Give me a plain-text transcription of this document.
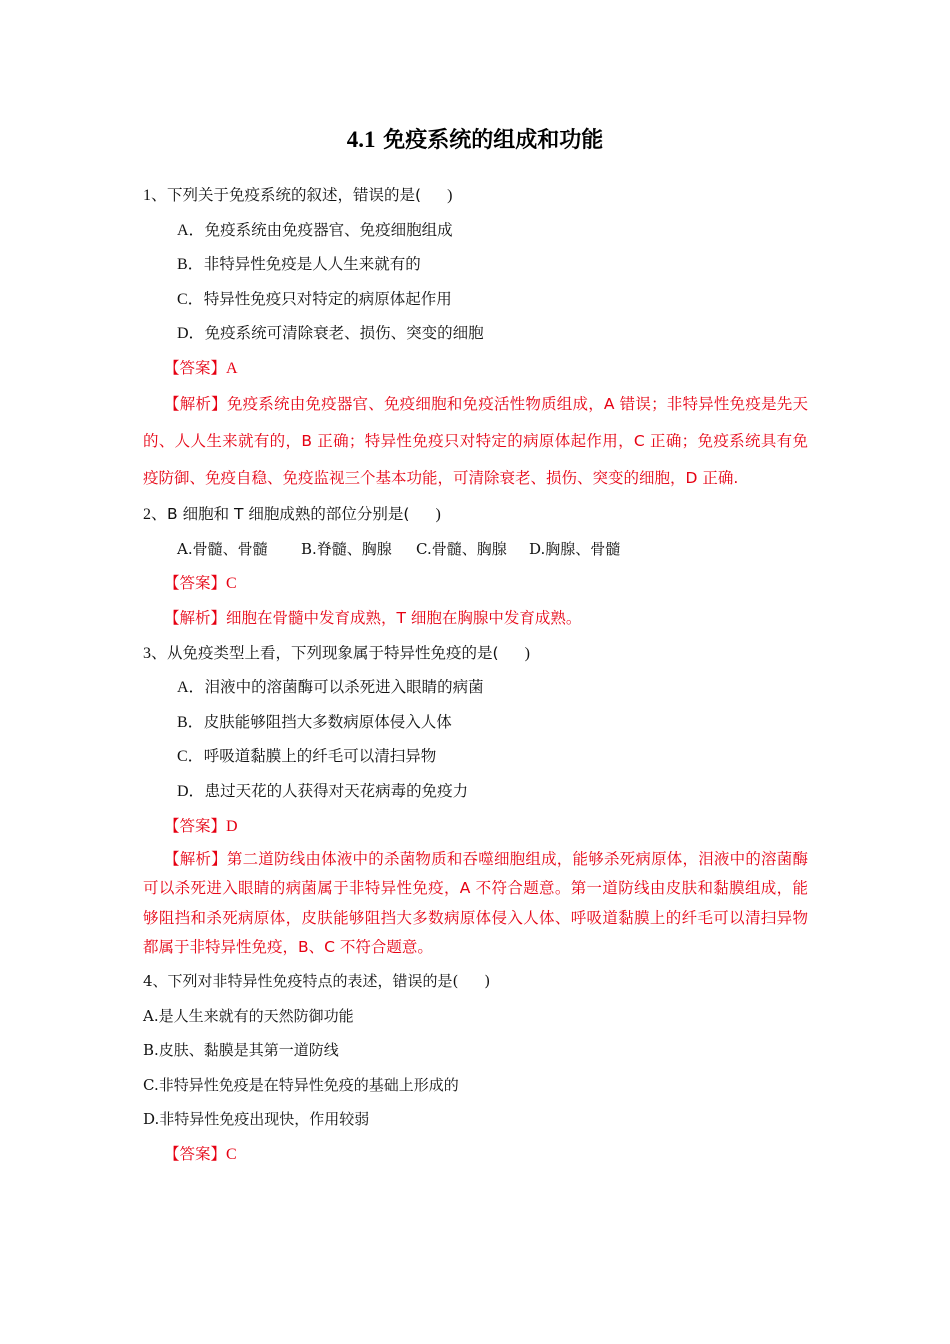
4.1 免疫系统的组成和功能
1、下列关于免疫系统的叙述，错误的是( )
A．免疫系统由免疫器官、免疫细胞组成
B．非特异性免疫是人人生来就有的
C．特异性免疫只对特定的病原体起作用
D．免疫系统可清除衰老、损伤、突变的细胞
【答案】A
【解析】免疫系统由免疫器官、免疫细胞和免疫活性物质组成，A 错误；非特异性免疫是先天的、人人生来就有的，B 正确；特异性免疫只对特定的病原体起作用，C 正确；免疫系统具有免疫防御、免疫自稳、免疫监视三个基本功能，可清除衰老、损伤、突变的细胞，D 正确.
2、B 细胞和 T 细胞成熟的部位分别是( )
A.骨髓、骨髓 B.脊髓、胸腺 C.骨髓、胸腺 D.胸腺、骨髓
【答案】C
【解析】细胞在骨髓中发育成熟，T 细胞在胸腺中发育成熟。
3、从免疫类型上看，下列现象属于特异性免疫的是( )
A．泪液中的溶菌酶可以杀死进入眼睛的病菌
B．皮肤能够阻挡大多数病原体侵入人体
C．呼吸道黏膜上的纤毛可以清扫异物
D．患过天花的人获得对天花病毒的免疫力
【答案】D
【解析】第二道防线由体液中的杀菌物质和吞噬细胞组成，能够杀死病原体，泪液中的溶菌酶可以杀死进入眼睛的病菌属于非特异性免疫，A 不符合题意。第一道防线由皮肤和黏膜组成，能够阻挡和杀死病原体，皮肤能够阻挡大多数病原体侵入人体、呼吸道黏膜上的纤毛可以清扫异物都属于非特异性免疫，B、C 不符合题意。
4、下列对非特异性免疫特点的表述，错误的是( )
A.是人生来就有的天然防御功能
B.皮肤、黏膜是其第一道防线
C.非特异性免疫是在特异性免疫的基础上形成的
D.非特异性免疫出现快，作用较弱
【答案】C
